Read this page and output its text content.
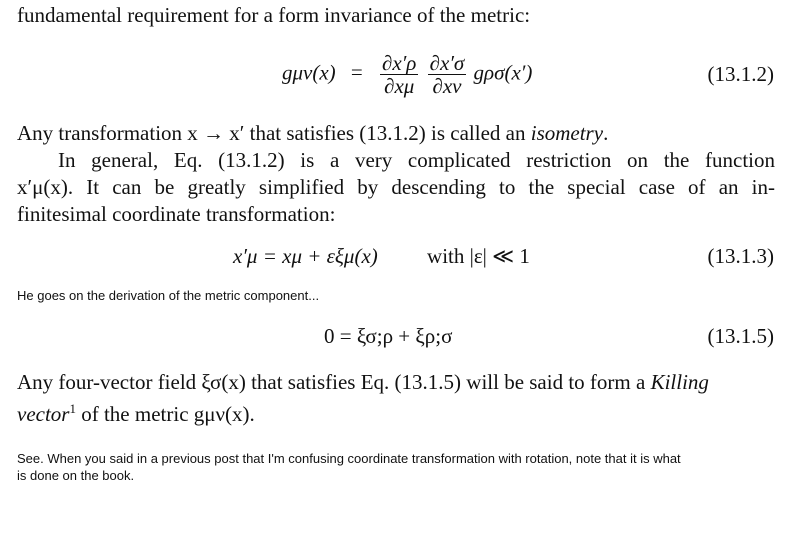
fundamental requirement for a form invariance of the metric:
$g\mu\nu(x) = \frac{\partial x'\rho}{\partial x\mu}$
$\frac{\partial x'\sigma}{\partial x\nu} g\rho\sigma(x')$	(13.1.2)
Any transformation x → x′ that satisfies (13.1.2) is called an isometry.
In general, Eq. (13.1.2) is a very complicated restriction on the function
x′μ(x). It can be greatly simplified by descending to the special case of an in-
finitesimal coordinate transformation:
x′μ = xμ + εξμ(x) with |ε| ≪ 1	(13.1.3)
He goes on the derivation of the metric component...
0 = ξσ;ρ + ξρ;σ	(13.1.5)
Any four-vector field ξσ(x) that satisfies Eq. (13.1.5) will be said to form a Killing
vector$^1$ of the metric gμν(x).
See. When you said in a previous post that I'm confusing coordinate transformation with rotation, note that it is what
is done on the book.
